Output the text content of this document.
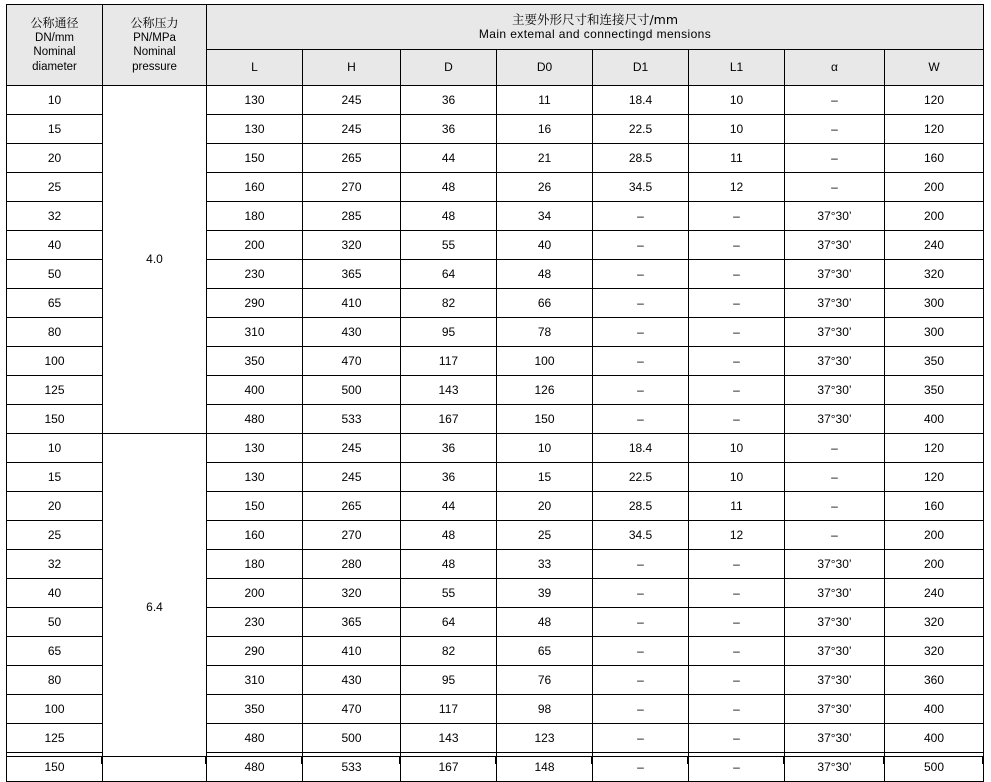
公称通径
DN/mm
Nominal
diameter	公称压力
PN/MPa
Nominal
pressure	主要外形尺寸和连接尺寸/mm
Main extemal and connectingd mensions							

		L	H	D	D0	D1	L1	α	W
10	4.0	130	245	36	11	18.4	10	–	120
15		130	245	36	16	22.5	10	–	120
20		150	265	44	21	28.5	11	–	160
25		160	270	48	26	34.5	12	–	200
32		180	285	48	34	–	–	37°30’	200
40		200	320	55	40	–	–	37°30’	240
50		230	365	64	48	–	–	37°30’	320
65		290	410	82	66	–	–	37°30’	300
80		310	430	95	78	–	–	37°30’	300
100		350	470	117	100	–	–	37°30’	350
125		400	500	143	126	–	–	37°30’	350
150		480	533	167	150	–	–	37°30’	400
10	6.4	130	245	36	10	18.4	10	–	120
15		130	245	36	15	22.5	10	–	120
20		150	265	44	20	28.5	11	–	160
25		160	270	48	25	34.5	12	–	200
32		180	280	48	33	–	–	37°30’	200
40		200	320	55	39	–	–	37°30’	240
50		230	365	64	48	–	–	37°30’	320
65		290	410	82	65	–	–	37°30’	320
80		310	430	95	76	–	–	37°30’	360
100		350	470	117	98	–	–	37°30’	400
125		480	500	143	123	–	–	37°30’	400
150		480	533	167	148	–	–	37°30’	500
